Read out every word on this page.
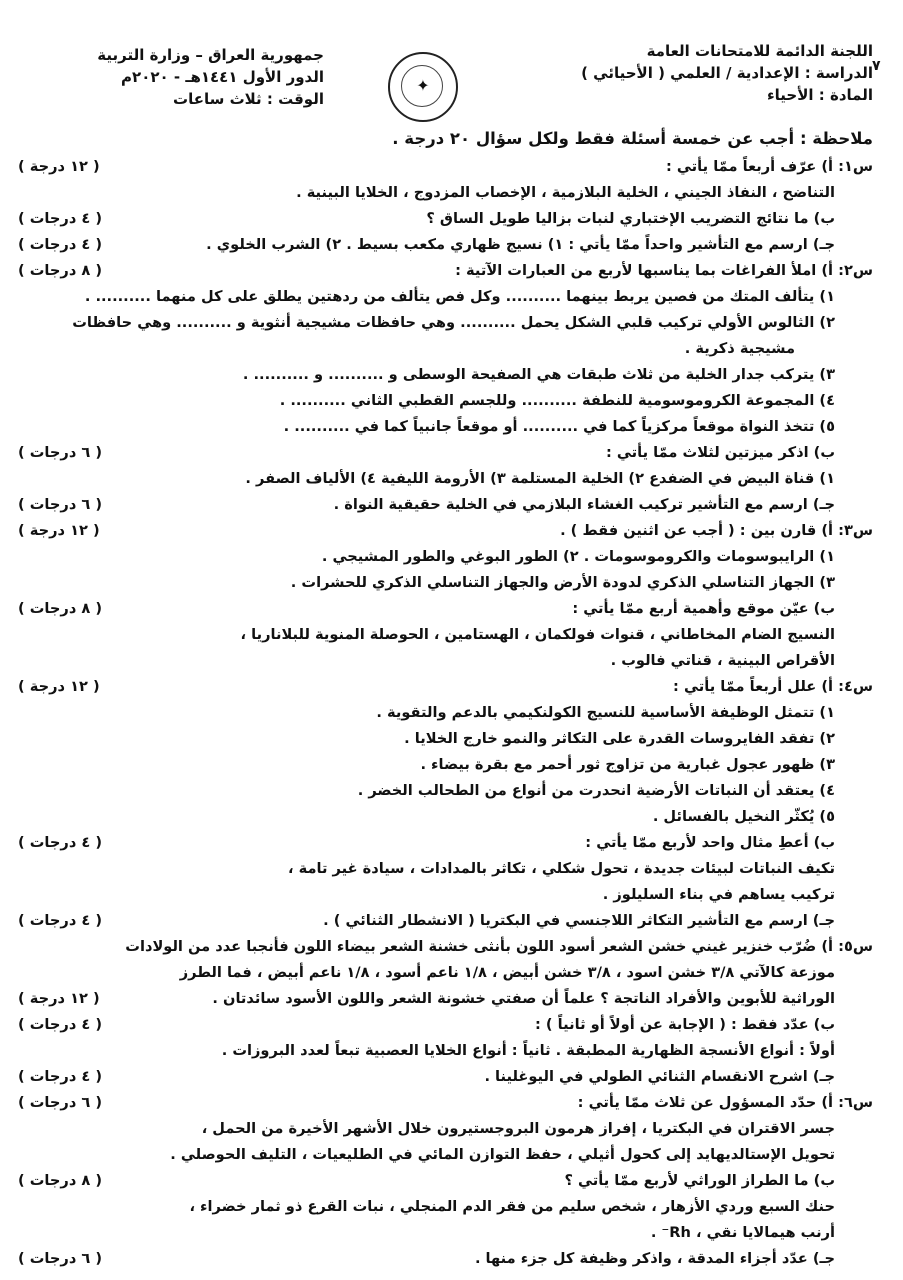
اللجنة الدائمة للامتحانات العامة
الدراسة : الإعدادية / العلمي ( الأحيائي )
المادة : الأحياء
✦
جمهورية العراق – وزارة التربية
الدور الأول ١٤٤١هـ - ٢٠٢٠م
الوقت : ثلاث ساعات
٧
ملاحظة : أجب عن خمسة أسئلة فقط ولكل سؤال ٢٠ درجة .
س١: أ) عرّف أربعاً ممّا يأتي :
( ١٢ درجة )
التناضح ، النفاذ الجيني ، الخلية البلازمية ، الإخصاب المزدوج ، الخلايا البينية .
ب) ما نتائج التضريب الإختباري لنبات بزاليا طويل الساق ؟
( ٤ درجات )
جـ) ارسم مع التأشير واحداً ممّا يأتي : ١) نسيج ظهاري مكعب بسيط . ٢) الشرب الخلوي .
( ٤ درجات )
س٢: أ) املأ الفراغات بما يناسبها لأربع من العبارات الآتية :
( ٨ درجات )
١) يتألف المتك من فصين يربط بينهما .......... وكل فص يتألف من ردهتين يطلق على كل منهما .......... .
٢) الثالوس الأولي تركيب قلبي الشكل يحمل .......... وهي حافظات مشيجية أنثوية و .......... وهي حافظات
مشيجية ذكرية .
٣) يتركب جدار الخلية من ثلاث طبقات هي الصفيحة الوسطى و .......... و .......... .
٤) المجموعة الكروموسومية للنطفة .......... وللجسم القطبي الثاني .......... .
٥) تتخذ النواة موقعاً مركزياً كما في .......... أو موقعاً جانبياً كما في .......... .
ب) اذكر ميزتين لثلاث ممّا يأتي :
( ٦ درجات )
١) قناة البيض في الضفدع ٢) الخلية المستلمة ٣) الأرومة الليفية ٤) الألياف الصفر .
جـ) ارسم مع التأشير تركيب الغشاء البلازمي في الخلية حقيقية النواة .
( ٦ درجات )
س٣: أ) قارن بين : ( أجب عن اثنين فقط ) .
( ١٢ درجة )
١) الرايبوسومات والكروموسومات . ٢) الطور البوغي والطور المشيجي .
٣) الجهاز التناسلي الذكري لدودة الأرض والجهاز التناسلي الذكري للحشرات .
ب) عيّن موقع وأهمية أربع ممّا يأتي :
( ٨ درجات )
النسيج الضام المخاطاني ، قنوات فولكمان ، الهستامين ، الحوصلة المنوية للبلاناريا ،
الأقراص البينية ، قناتي فالوب .
س٤: أ) علل أربعاً ممّا يأتي :
( ١٢ درجة )
١) تتمثل الوظيفة الأساسية للنسيج الكولنكيمي بالدعم والتقوية .
٢) تفقد الفايروسات القدرة على التكاثر والنمو خارج الخلايا .
٣) ظهور عجول غبارية من تزاوج ثور أحمر مع بقرة بيضاء .
٤) يعتقد أن النباتات الأرضية انحدرت من أنواع من الطحالب الخضر .
٥) يُكثّر النخيل بالفسائل .
ب) أعطِ مثال واحد لأربع ممّا يأتي :
( ٤ درجات )
تكيف النباتات لبيئات جديدة ، تحول شكلي ، تكاثر بالمدادات ، سيادة غير تامة ،
تركيب يساهم في بناء السليلوز .
جـ) ارسم مع التأشير التكاثر اللاجنسي في البكتريا ( الانشطار الثنائي ) .
( ٤ درجات )
س٥: أ) ضُرّب خنزير غيني خشن الشعر أسود اللون بأنثى خشنة الشعر بيضاء اللون فأنجبا عدد من الولادات
موزعة كالآتي ٣/٨ خشن اسود ، ٣/٨ خشن أبيض ، ١/٨ ناعم أسود ، ١/٨ ناعم أبيض ، فما الطرز
الوراثية للأبوين والأفراد الناتجة ؟ علماً أن صفتي خشونة الشعر واللون الأسود سائدتان .
( ١٢ درجة )
ب) عدّد فقط : ( الإجابة عن أولاً أو ثانياً ) :
( ٤ درجات )
أولاً : أنواع الأنسجة الظهارية المطبقة . ثانياً : أنواع الخلايا العصبية تبعاً لعدد البروزات .
جـ) اشرح الانقسام الثنائي الطولي في اليوغلينا .
( ٤ درجات )
س٦: أ) حدّد المسؤول عن ثلاث ممّا يأتي :
( ٦ درجات )
جسر الاقتران في البكتريا ، إفراز هرمون البروجستيرون خلال الأشهر الأخيرة من الحمل ،
تحويل الإستالديهايد إلى كحول أثيلي ، حفظ التوازن المائي في الطليعيات ، التليف الحوصلي .
ب) ما الطراز الوراثي لأربع ممّا يأتي ؟
( ٨ درجات )
حنك السبع وردي الأزهار ، شخص سليم من فقر الدم المنجلي ، نبات القرع ذو ثمار خضراء ،
أرنب هيمالايا نقي ، Rh⁻ .
جـ) عدّد أجزاء المدقة ، واذكر وظيفة كل جزء منها .
( ٦ درجات )
